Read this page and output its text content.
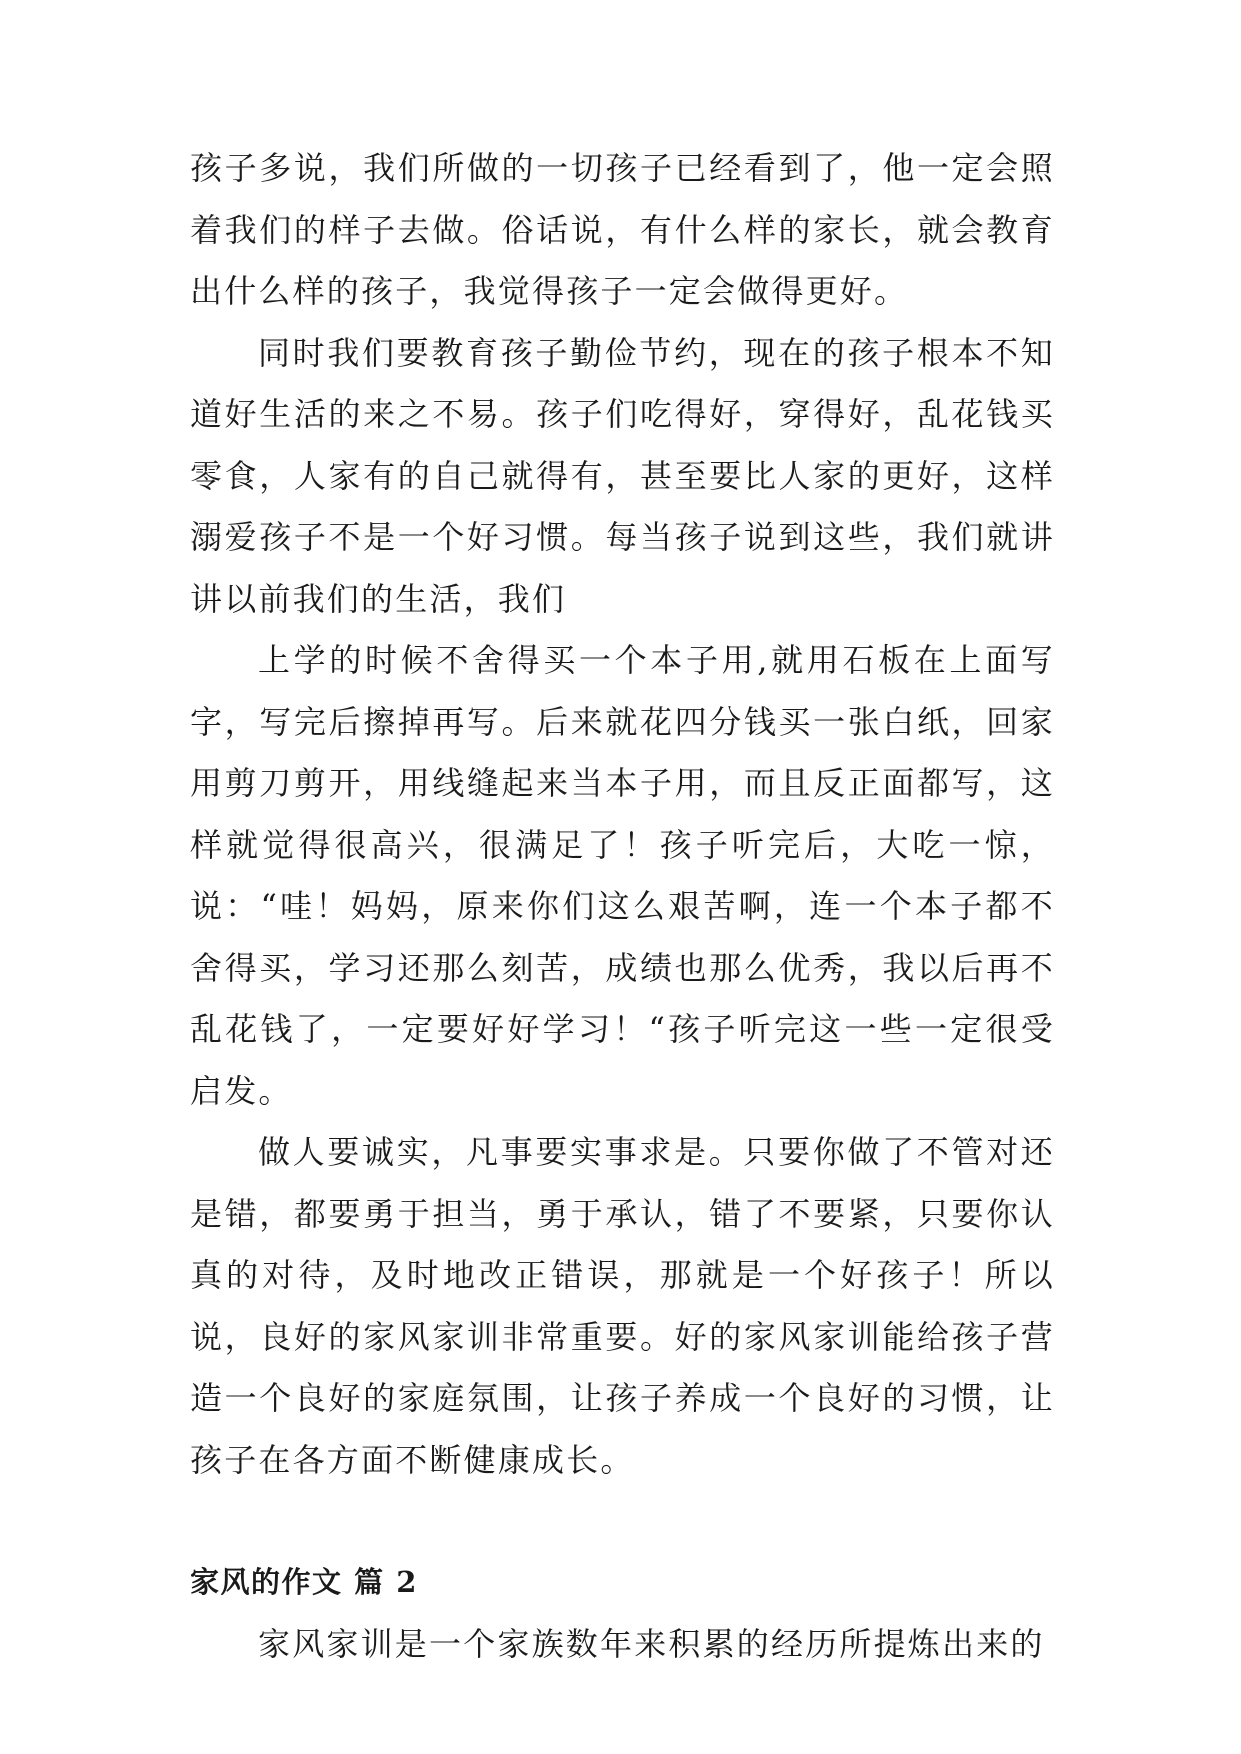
孩子多说，我们所做的一切孩子已经看到了，他一定会照着我们的样子去做。俗话说，有什么样的家长，就会教育出什么样的孩子，我觉得孩子一定会做得更好。

同时我们要教育孩子勤俭节约，现在的孩子根本不知道好生活的来之不易。孩子们吃得好，穿得好，乱花钱买零食，人家有的自己就得有，甚至要比人家的更好，这样溺爱孩子不是一个好习惯。每当孩子说到这些，我们就讲讲以前我们的生活，我们

上学的时候不舍得买一个本子用,就用石板在上面写字，写完后擦掉再写。后来就花四分钱买一张白纸，回家用剪刀剪开，用线缝起来当本子用，而且反正面都写，这样就觉得很高兴，很满足了！孩子听完后，大吃一惊，说：“哇！妈妈，原来你们这么艰苦啊，连一个本子都不舍得买，学习还那么刻苦，成绩也那么优秀，我以后再不乱花钱了，一定要好好学习！“孩子听完这一些一定很受启发。

做人要诚实，凡事要实事求是。只要你做了不管对还是错，都要勇于担当，勇于承认，错了不要紧，只要你认真的对待，及时地改正错误，那就是一个好孩子！所以说，良好的家风家训非常重要。好的家风家训能给孩子营造一个良好的家庭氛围，让孩子养成一个良好的习惯，让孩子在各方面不断健康成长。

家风的作文 篇 2

家风家训是一个家族数年来积累的经历所提炼出来的
